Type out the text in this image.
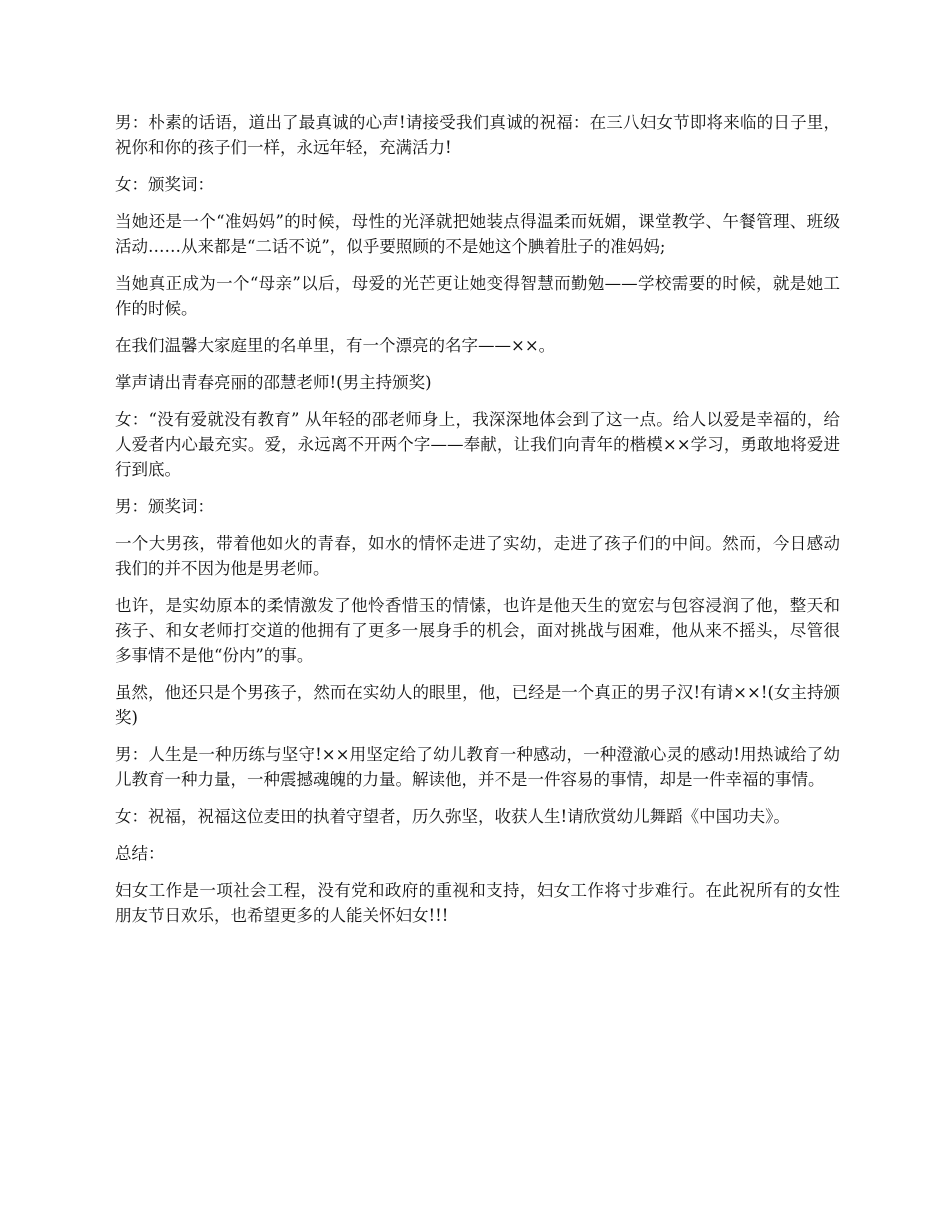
男：朴素的话语，道出了最真诚的心声!请接受我们真诚的祝福：在三八妇女节即将来临的日子里，祝你和你的孩子们一样，永远年轻，充满活力!

女：颁奖词：

当她还是一个“准妈妈”的时候，母性的光泽就把她装点得温柔而妩媚，课堂教学、午餐管理、班级活动……从来都是“二话不说”，似乎要照顾的不是她这个腆着肚子的准妈妈;

当她真正成为一个“母亲”以后，母爱的光芒更让她变得智慧而勤勉——学校需要的时候，就是她工作的时候。

在我们温馨大家庭里的名单里，有一个漂亮的名字——××。

掌声请出青春亮丽的邵慧老师!(男主持颁奖)

女：“没有爱就没有教育” 从年轻的邵老师身上，我深深地体会到了这一点。给人以爱是幸福的，给人爱者内心最充实。爱，永远离不开两个字——奉献，让我们向青年的楷模××学习，勇敢地将爱进行到底。

男：颁奖词：

一个大男孩，带着他如火的青春，如水的情怀走进了实幼，走进了孩子们的中间。然而，今日感动我们的并不因为他是男老师。

也许，是实幼原本的柔情激发了他怜香惜玉的情愫，也许是他天生的宽宏与包容浸润了他，整天和孩子、和女老师打交道的他拥有了更多一展身手的机会，面对挑战与困难，他从来不摇头，尽管很多事情不是他“份内”的事。

虽然，他还只是个男孩子，然而在实幼人的眼里，他，已经是一个真正的男子汉!有请××!(女主持颁奖)

男：人生是一种历练与坚守!××用坚定给了幼儿教育一种感动，一种澄澈心灵的感动!用热诚给了幼儿教育一种力量，一种震撼魂魄的力量。解读他，并不是一件容易的事情，却是一件幸福的事情。

女：祝福，祝福这位麦田的执着守望者，历久弥坚，收获人生!请欣赏幼儿舞蹈《中国功夫》。

总结：

妇女工作是一项社会工程，没有党和政府的重视和支持，妇女工作将寸步难行。在此祝所有的女性朋友节日欢乐，也希望更多的人能关怀妇女!!!
